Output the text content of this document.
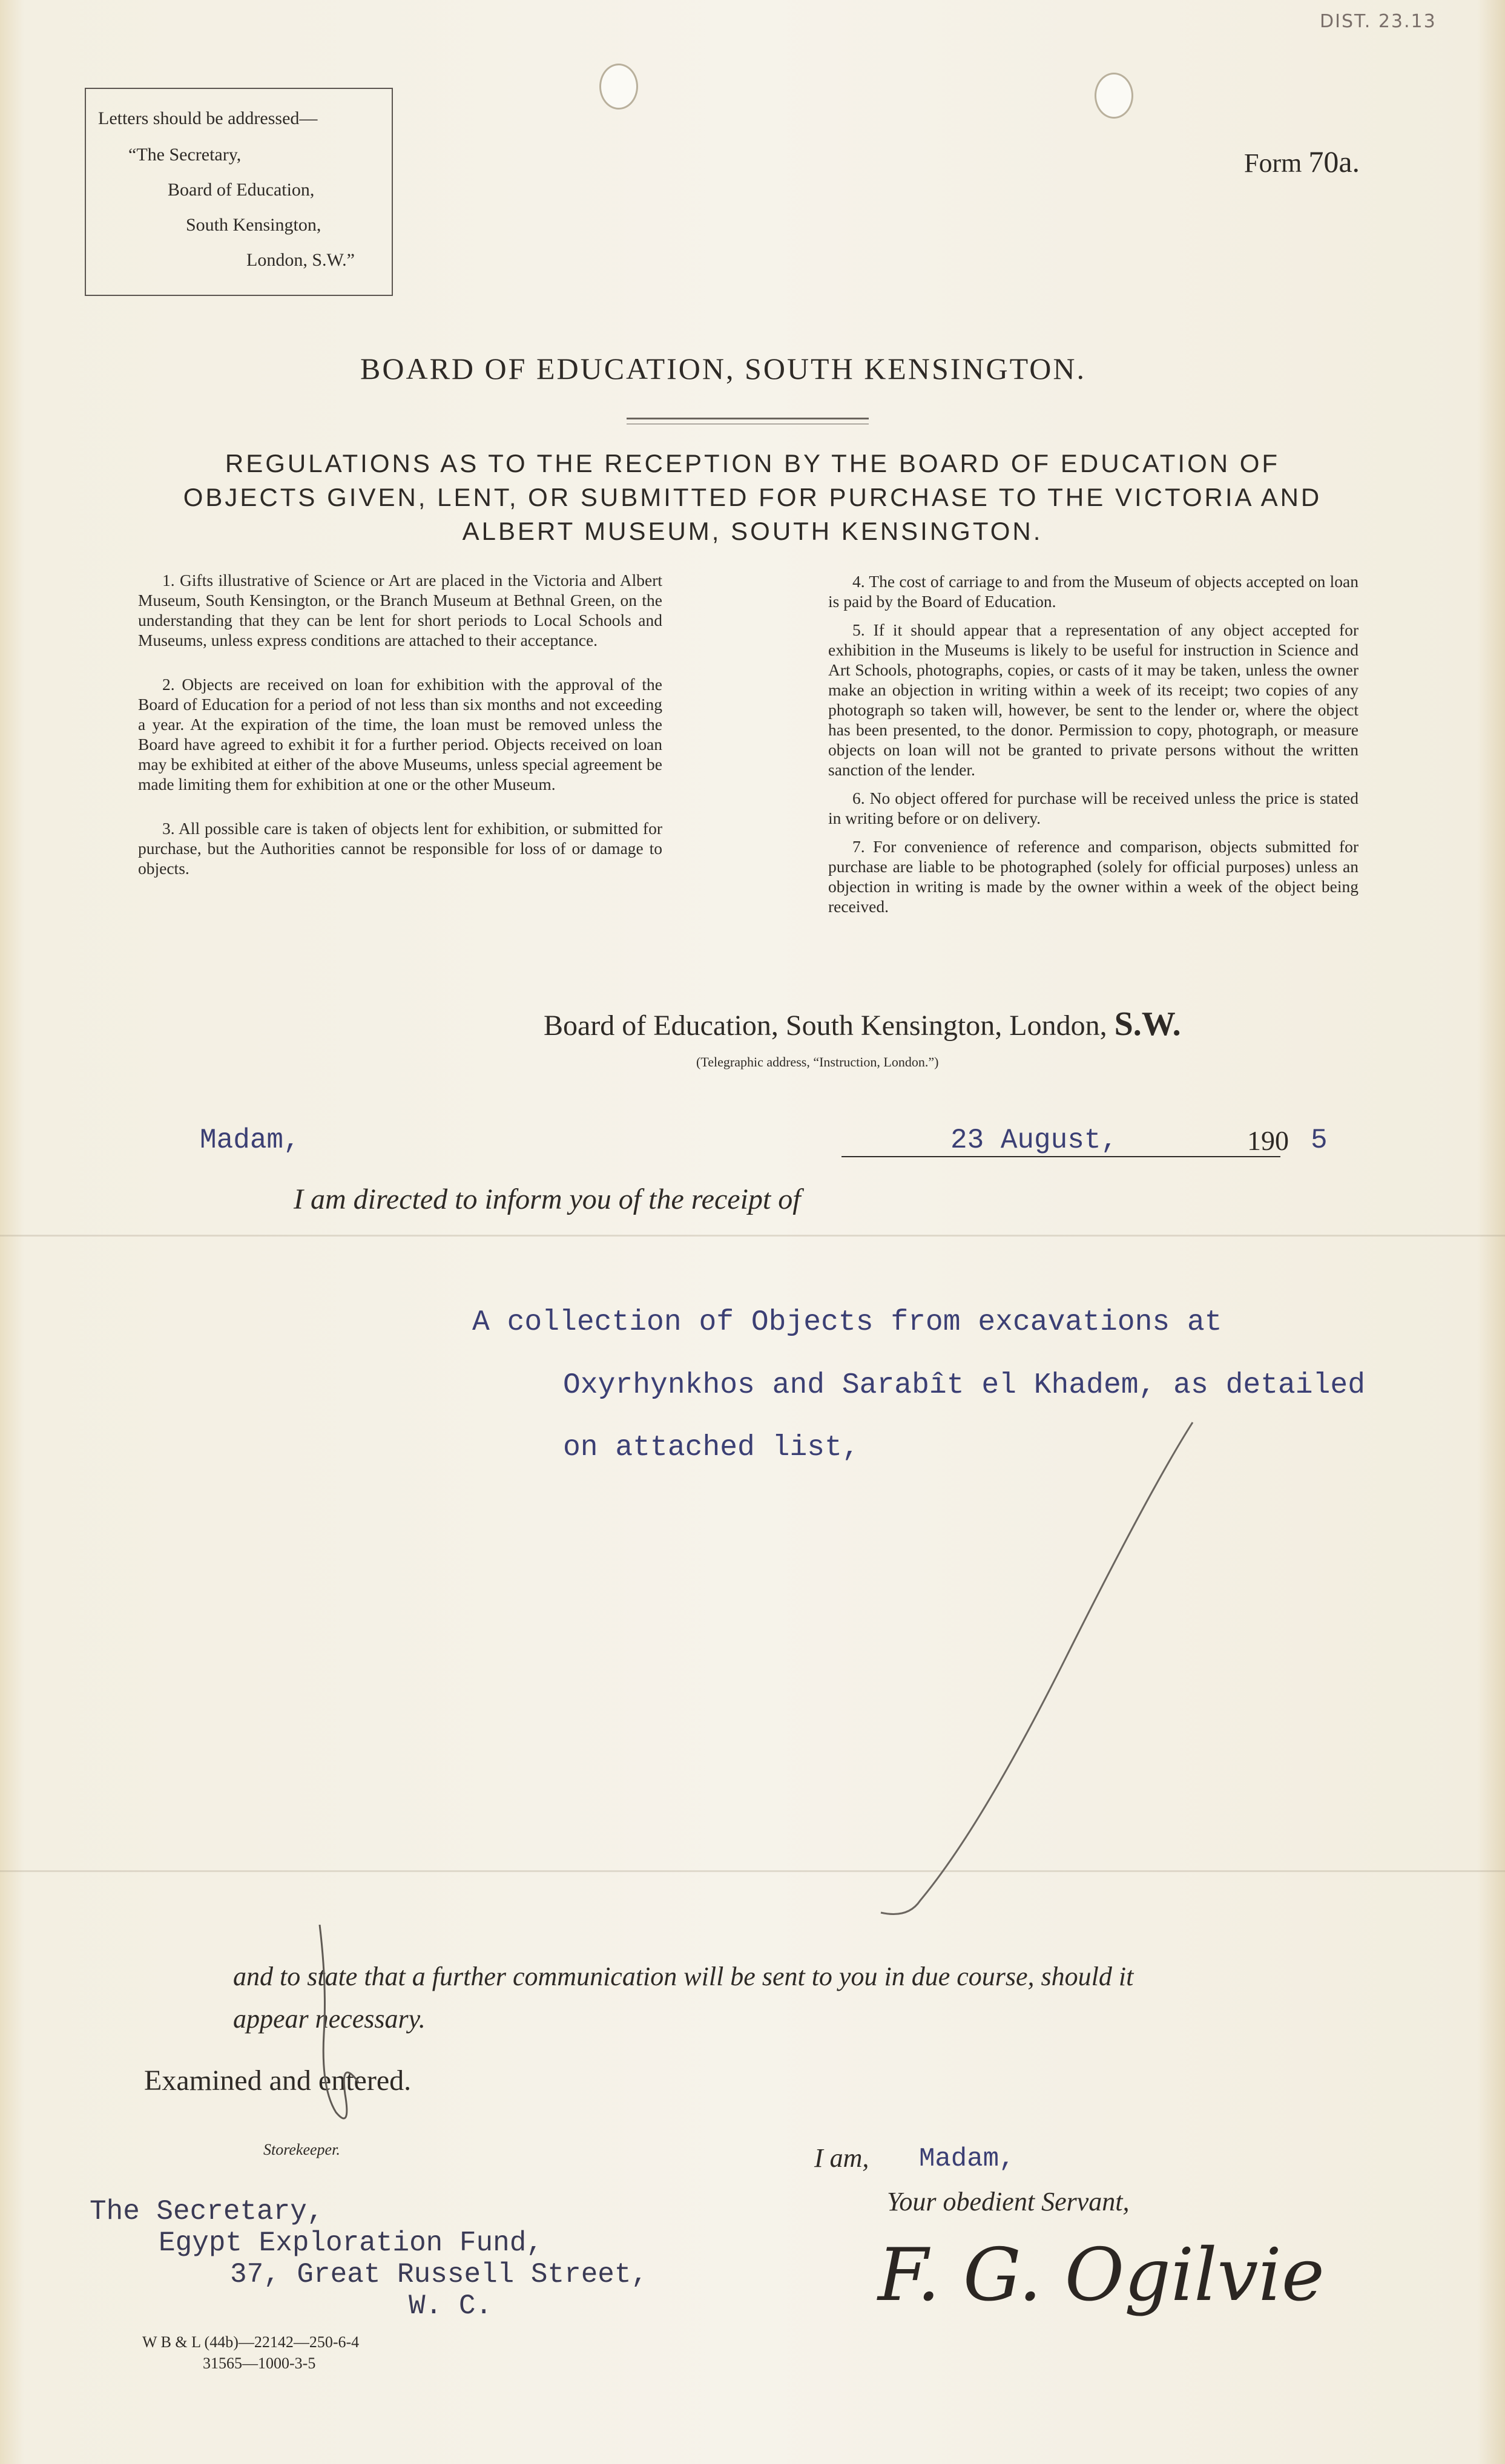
DIST. 23.13
Letters should be addressed—
“The Secretary,
Board of Education,
South Kensington,
London, S.W.”
Form 70a.
BOARD OF EDUCATION, SOUTH KENSINGTON.
REGULATIONS AS TO THE RECEPTION BY THE BOARD OF EDUCATION OF
OBJECTS GIVEN, LENT, OR SUBMITTED FOR PURCHASE TO THE VICTORIA AND
ALBERT MUSEUM, SOUTH KENSINGTON.

1. Gifts illustrative of Science or Art are placed in the Victoria and Albert Museum, South Kensington, or the Branch Museum at Bethnal Green, on the understanding that they can be lent for short periods to Local Schools and Museums, unless express conditions are attached to their acceptance.

2. Objects are received on loan for exhibition with the approval of the Board of Education for a period of not less than six months and not exceeding a year. At the expiration of the time, the loan must be removed unless the Board have agreed to exhibit it for a further period. Objects received on loan may be exhibited at either of the above Museums, unless special agreement be made limiting them for exhibition at one or the other Museum.

3. All possible care is taken of objects lent for exhibition, or submitted for purchase, but the Authorities cannot be responsible for loss of or damage to objects.

4. The cost of carriage to and from the Museum of objects accepted on loan is paid by the Board of Education.

5. If it should appear that a representation of any object accepted for exhibition in the Museums is likely to be useful for instruction in Science and Art Schools, photographs, copies, or casts of it may be taken, unless the owner make an objection in writing within a week of its receipt; two copies of any photograph so taken will, however, be sent to the lender or, where the object has been presented, to the donor. Permission to copy, photograph, or measure objects on loan will not be granted to private persons without the written sanction of the lender.

6. No object offered for purchase will be received unless the price is stated in writing before or on delivery.

7. For convenience of reference and comparison, objects submitted for purchase are liable to be photographed (solely for official purposes) unless an objection in writing is made by the owner within a week of the object being received.

Board of Education, South Kensington, London, S.W.
(Telegraphic address, “Instruction, London.”)
Madam,	23 August,	190 5
I am directed to inform you of the receipt of
A collection of Objects from excavations at
Oxyrhynkhos and Sarabît el Khadem, as detailed
on attached list,
and to state that a further communication will be sent to you in due course, should it
appear necessary.
Examined and entered.
Storekeeper.	I am, Madam,
Your obedient Servant,
F. G. Ogilvie
The Secretary,
Egypt Exploration Fund,
37, Great Russell Street,
W. C.
W B & L (44b)—22142—250-6-4
31565—1000-3-5
